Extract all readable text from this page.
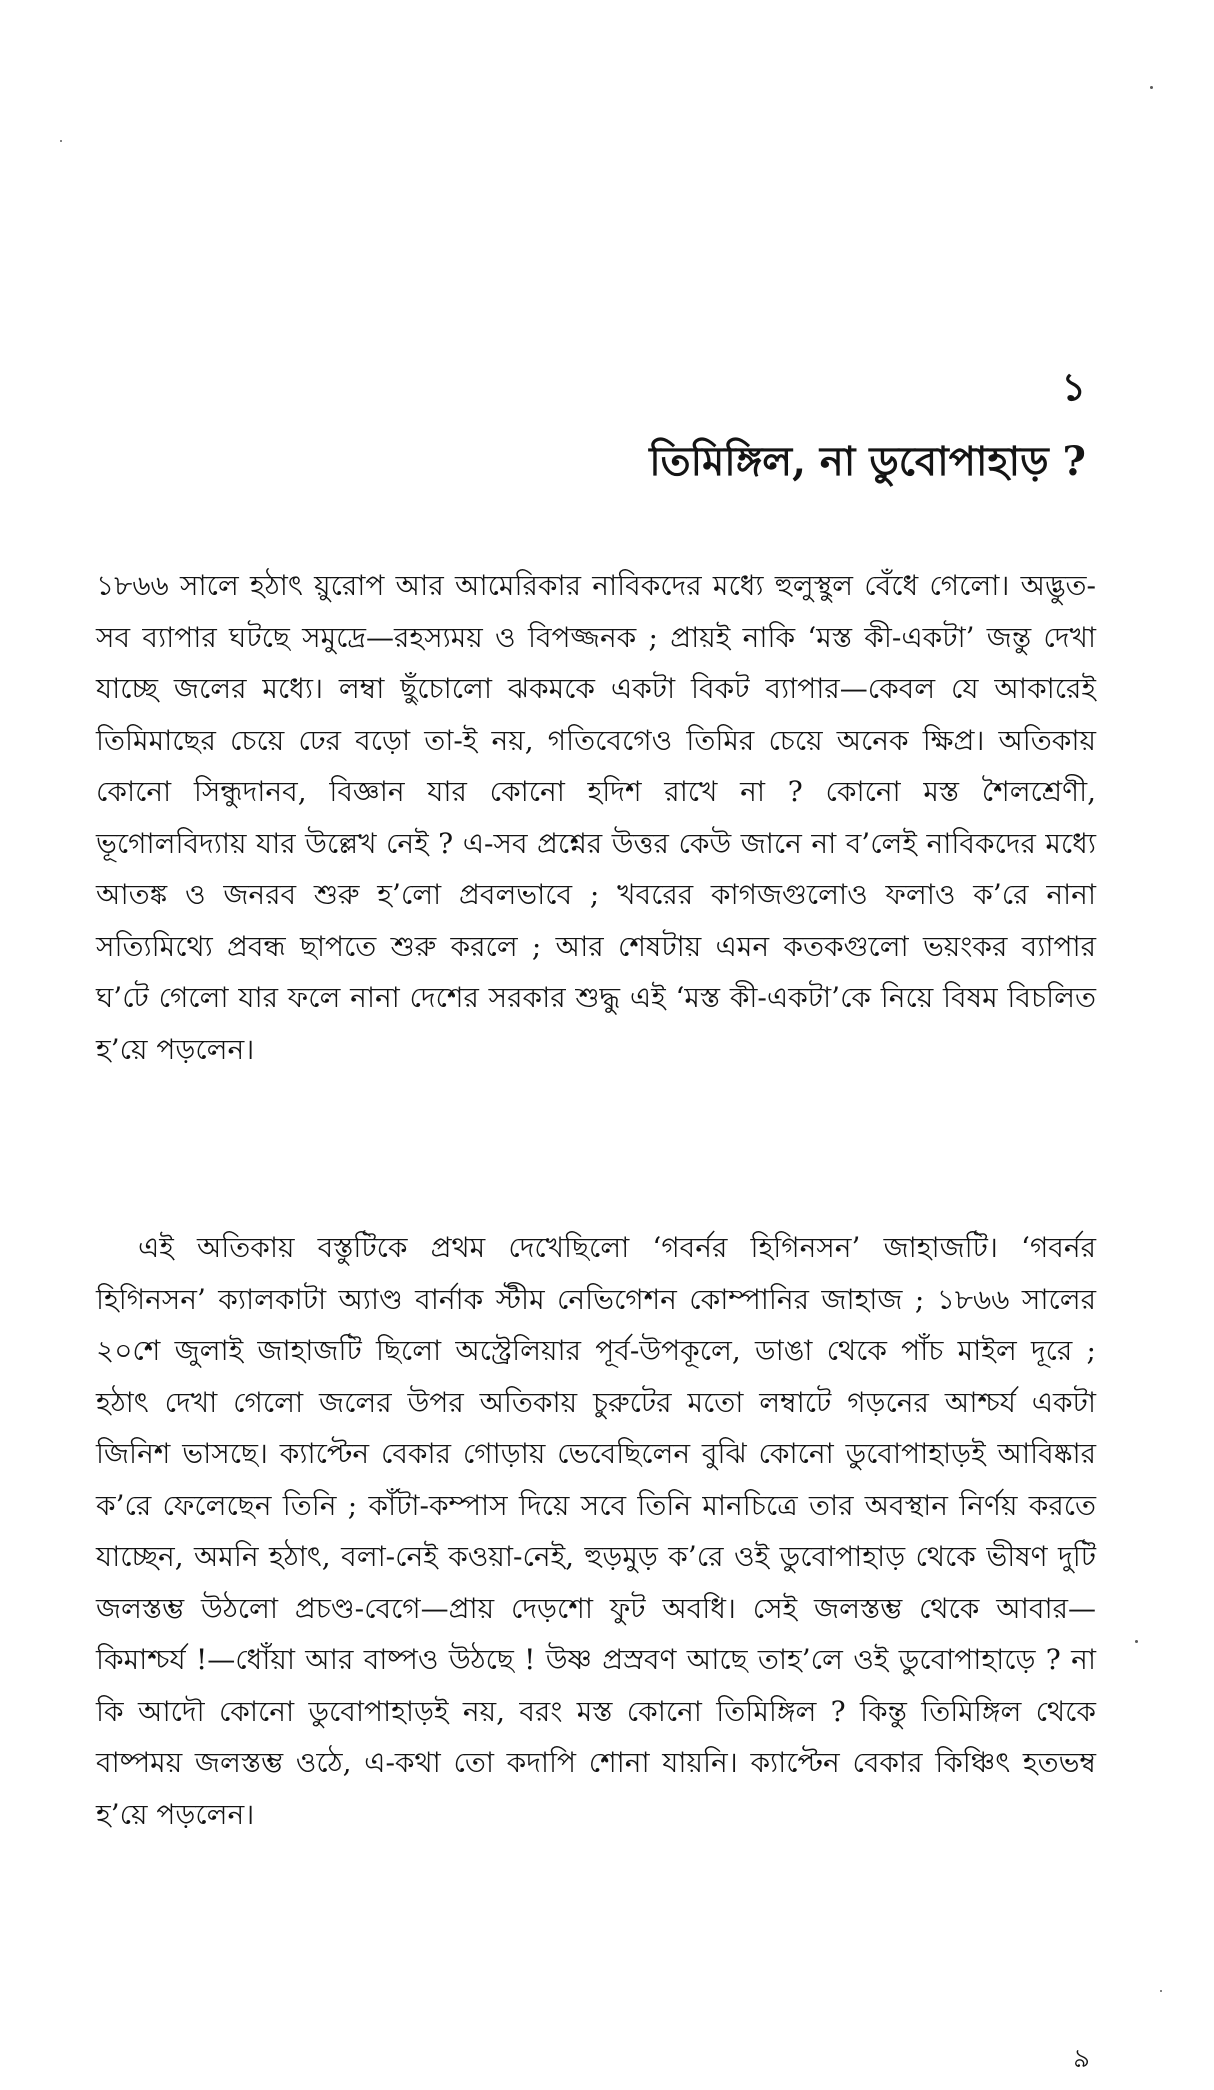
১
তিমিঙ্গিল, না ডুবোপাহাড় ?

১৮৬৬ সালে হঠাৎ য়ুরোপ আর আমেরিকার নাবিকদের মধ্যে হুলুস্থুল বেঁধে গেলো। অদ্ভুত-সব ব্যাপার ঘটছে সমুদ্রে—রহস্যময় ও বিপজ্জনক ; প্রায়ই নাকি ‘মস্ত কী-একটা’ জন্তু দেখা যাচ্ছে জলের মধ্যে। লম্বা ছুঁচোলো ঝকমকে একটা বিকট ব্যাপার—কেবল যে আকারেই তিমিমাছের চেয়ে ঢের বড়ো তা-ই নয়, গতিবেগেও তিমির চেয়ে অনেক ক্ষিপ্র। অতিকায় কোনো সিন্ধুদানব, বিজ্ঞান যার কোনো হদিশ রাখে না ? কোনো মস্ত শৈলশ্রেণী, ভূগোলবিদ্যায় যার উল্লেখ নেই ? এ-সব প্রশ্নের উত্তর কেউ জানে না ব’লেই নাবিকদের মধ্যে আতঙ্ক ও জনরব শুরু হ’লো প্রবলভাবে ; খবরের কাগজগুলোও ফলাও ক’রে নানা সত্যিমিথ্যে প্রবন্ধ ছাপতে শুরু করলে ; আর শেষটায় এমন কতকগুলো ভয়ংকর ব্যাপার ঘ’টে গেলো যার ফলে নানা দেশের সরকার শুদ্ধু এই ‘মস্ত কী-একটা’কে নিয়ে বিষম বিচলিত হ’য়ে পড়লেন।

এই অতিকায় বস্তুটিকে প্রথম দেখেছিলো ‘গবর্নর হিগিনসন’ জাহাজটি। ‘গবর্নর হিগিনসন’ ক্যালকাটা অ্যাণ্ড বার্নাক স্টীম নেভিগেশন কোম্পানির জাহাজ ; ১৮৬৬ সালের ২০শে জুলাই জাহাজটি ছিলো অস্ট্রেলিয়ার পূর্ব-উপকূলে, ডাঙা থেকে পাঁচ মাইল দূরে ; হঠাৎ দেখা গেলো জলের উপর অতিকায় চুরুটের মতো লম্বাটে গড়নের আশ্চর্য একটা জিনিশ ভাসছে। ক্যাপ্টেন বেকার গোড়ায় ভেবেছিলেন বুঝি কোনো ডুবোপাহাড়ই আবিষ্কার ক’রে ফেলেছেন তিনি ; কাঁটা-কম্পাস দিয়ে সবে তিনি মানচিত্রে তার অবস্থান নির্ণয় করতে যাচ্ছেন, অমনি হঠাৎ, বলা-নেই কওয়া-নেই, হুড়মুড় ক’রে ওই ডুবোপাহাড় থেকে ভীষণ দুটি জলস্তম্ভ উঠলো প্রচণ্ড-বেগে—প্রায় দেড়শো ফুট অবধি। সেই জলস্তম্ভ থেকে আবার—কিমাশ্চর্য !—ধোঁয়া আর বাষ্পও উঠছে ! উষ্ণ প্রস্রবণ আছে তাহ’লে ওই ডুবোপাহাড়ে ? না কি আদৌ কোনো ডুবোপাহাড়ই নয়, বরং মস্ত কোনো তিমিঙ্গিল ? কিন্তু তিমিঙ্গিল থেকে বাষ্পময় জলস্তম্ভ ওঠে, এ-কথা তো কদাপি শোনা যায়নি। ক্যাপ্টেন বেকার কিঞ্চিৎ হতভম্ব হ’য়ে পড়লেন।

৯
